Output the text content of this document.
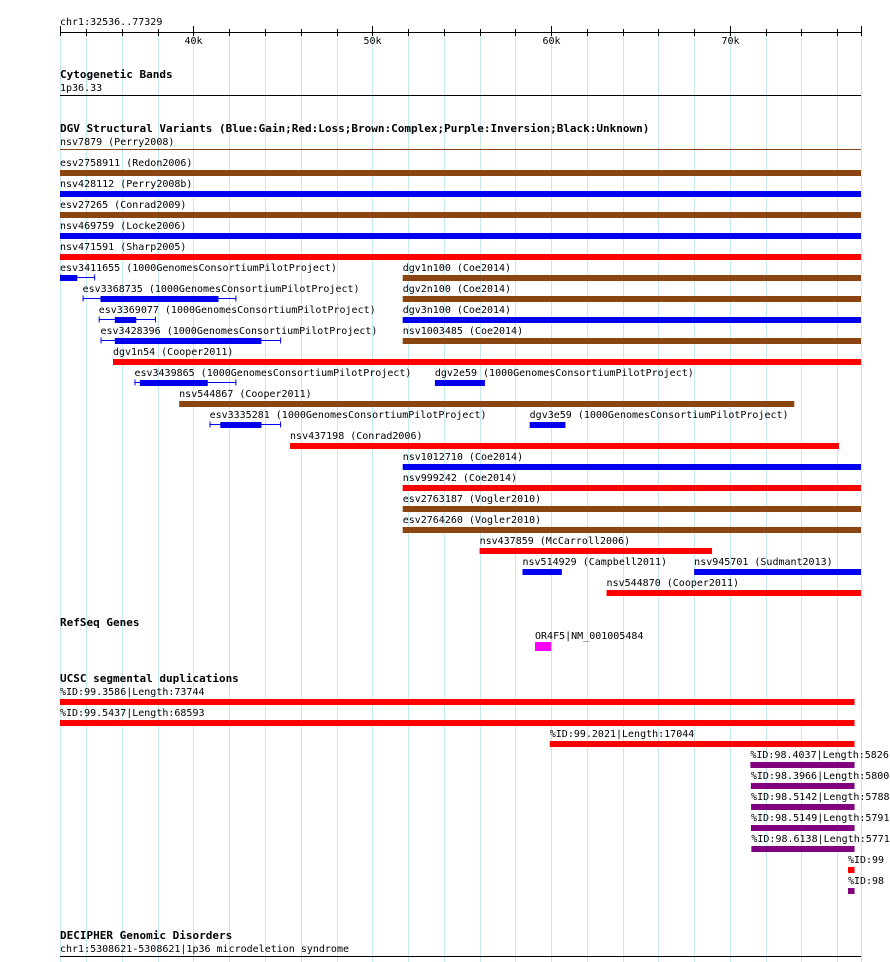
chr1:32536..77329
40k	50k	60k	70k
Cytogenetic Bands
1p36.33
DGV Structural Variants (Blue:Gain;Red:Loss;Brown:Complex;Purple:Inversion;Black:Unknown)
nsv7879 (Perry2008)
esv2758911 (Redon2006)
nsv428112 (Perry2008b)
esv27265 (Conrad2009)
nsv469759 (Locke2006)
nsv471591 (Sharp2005)
esv3411655 (1000GenomesConsortiumPilotProject)	dgv1n100 (Coe2014)
esv3368735 (1000GenomesConsortiumPilotProject)	dgv2n100 (Coe2014)
esv3369077 (1000GenomesConsortiumPilotProject)	dgv3n100 (Coe2014)
esv3428396 (1000GenomesConsortiumPilotProject)	nsv1003485 (Coe2014)
dgv1n54 (Cooper2011)
esv3439865 (1000GenomesConsortiumPilotProject) dgv2e59 (1000GenomesConsortiumPilotProject)
nsv544867 (Cooper2011)
esv3335281 (1000GenomesConsortiumPilotProject)	dgv3e59 (1000GenomesConsortiumPilotProject)
nsv437198 (Conrad2006)
nsv1012710 (Coe2014)
nsv999242 (Coe2014)
esv2763187 (Vogler2010)
esv2764260 (Vogler2010)
nsv437859 (McCarroll2006)
nsv514929 (Campbell2011)	nsv945701 (Sudmant2013)
nsv544870 (Cooper2011)
RefSeq Genes
OR4F5|NM_001005484
UCSC segmental duplications
%ID:99.3586|Length:73744
%ID:99.5437|Length:68593
%ID:99.2021|Length:17044
%ID:98.4037|Length:5826
%ID:98.3966|Length:5800
%ID:98.5142|Length:5788
%ID:98.5149|Length:5791
%ID:98.6138|Length:5771
%ID:99
%ID:98
DECIPHER Genomic Disorders
chr1:5308621-5308621|1p36 microdeletion syndrome
